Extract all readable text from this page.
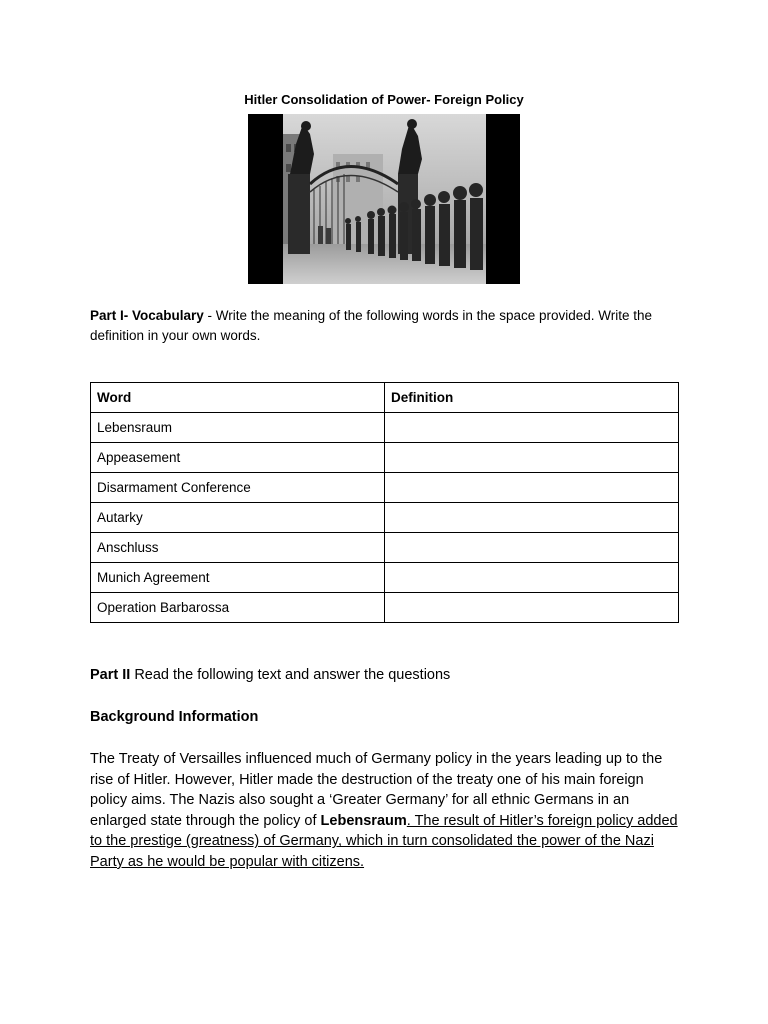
Hitler Consolidation of Power- Foreign Policy
Part I- Vocabulary - Write the meaning of the following words in the space provided. Write the definition in your own words.
Word	Definition
Lebensraum	
Appeasement	
Disarmament Conference	
Autarky	
Anschluss	
Munich Agreement	
Operation Barbarossa	
Part II Read the following text and answer the questions
Background Information
The Treaty of Versailles influenced much of Germany policy in the years leading up to the rise of Hitler. However, Hitler made the destruction of the treaty one of his main foreign policy aims. The Nazis also sought a ‘Greater Germany’ for all ethnic Germans in an enlarged state through the policy of Lebensraum. The result of Hitler’s foreign policy added to the prestige (greatness) of Germany, which in turn consolidated the power of the Nazi Party as he would be popular with citizens.
